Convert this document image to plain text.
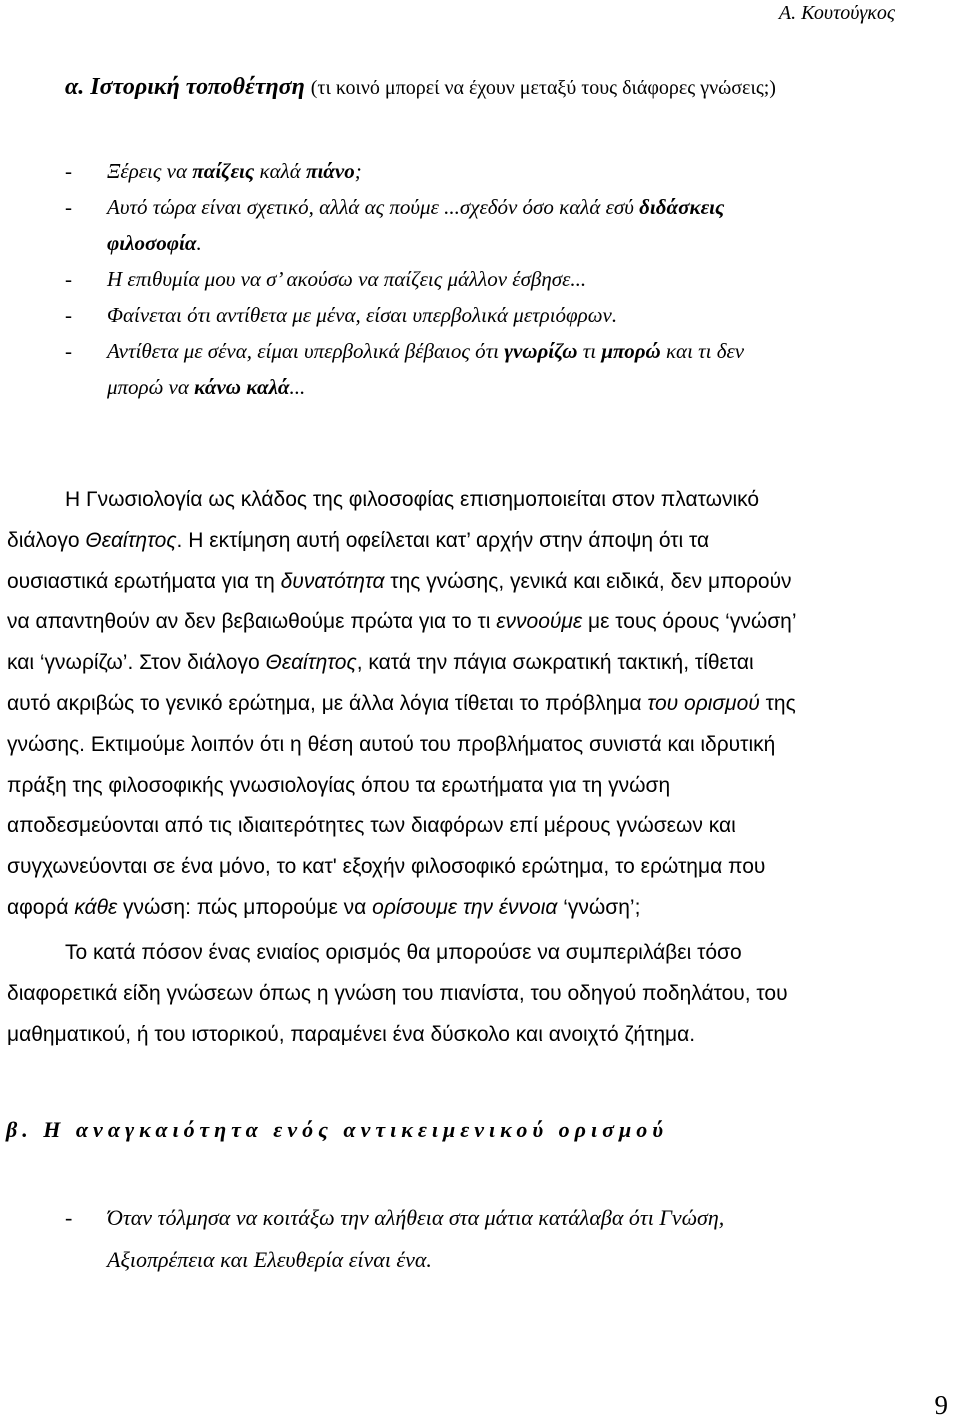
Α. Κουτούγκος
α. Ιστορική τοποθέτηση (τι κοινό μπορεί να έχουν μεταξύ τους διάφορες γνώσεις;)
-	Ξέρεις να παίζεις καλά πιάνο;
-	Αυτό τώρα είναι σχετικό, αλλά ας πούμε ...σχεδόν όσο καλά εσύ διδάσκεις
φιλοσοφία.
-	Η επιθυμία μου να σ’ ακούσω να παίζεις μάλλον έσβησε...
-	Φαίνεται ότι αντίθετα με μένα, είσαι υπερβολικά μετριόφρων.
-	Αντίθετα με σένα, είμαι υπερβολικά βέβαιος ότι γνωρίζω τι μπορώ και τι δεν
μπορώ να κάνω καλά...
Η Γνωσιολογία ως κλάδος της φιλοσοφίας επισημοποιείται στον πλατωνικό
διάλογο Θεαίτητος. Η εκτίμηση αυτή οφείλεται κατ’ αρχήν στην άποψη ότι τα
ουσιαστικά ερωτήματα για τη δυνατότητα της γνώσης, γενικά και ειδικά, δεν μπορούν
να απαντηθούν αν δεν βεβαιωθούμε πρώτα για το τι εννοούμε με τους όρους ‘γνώση’
και ‘γνωρίζω’. Στον διάλογο Θεαίτητος, κατά την πάγια σωκρατική τακτική, τίθεται
αυτό ακριβώς το γενικό ερώτημα, με άλλα λόγια τίθεται το πρόβλημα του ορισμού της
γνώσης. Εκτιμούμε λοιπόν ότι η θέση αυτού του προβλήματος συνιστά και ιδρυτική
πράξη της φιλοσοφικής γνωσιολογίας όπου τα ερωτήματα για τη γνώση
αποδεσμεύονται από τις ιδιαιτερότητες των διαφόρων επί μέρους γνώσεων και
συγχωνεύονται σε ένα μόνο, το κατ' εξοχήν φιλοσοφικό ερώτημα, το ερώτημα που
αφορά κάθε γνώση: πώς μπορούμε να ορίσουμε την έννοια ‘γνώση’;
Το κατά πόσον ένας ενιαίος ορισμός θα μπορούσε να συμπεριλάβει τόσο
διαφορετικά είδη γνώσεων όπως η γνώση του πιανίστα, του οδηγού ποδηλάτου, του
μαθηματικού, ή του ιστορικού, παραμένει ένα δύσκολο και ανοιχτό ζήτημα.
β. Η αναγκαιότητα ενός αντικειμενικού ορισμού
-	Όταν τόλμησα να κοιτάξω την αλήθεια στα μάτια κατάλαβα ότι Γνώση,
Αξιοπρέπεια και Ελευθερία είναι ένα.
9
